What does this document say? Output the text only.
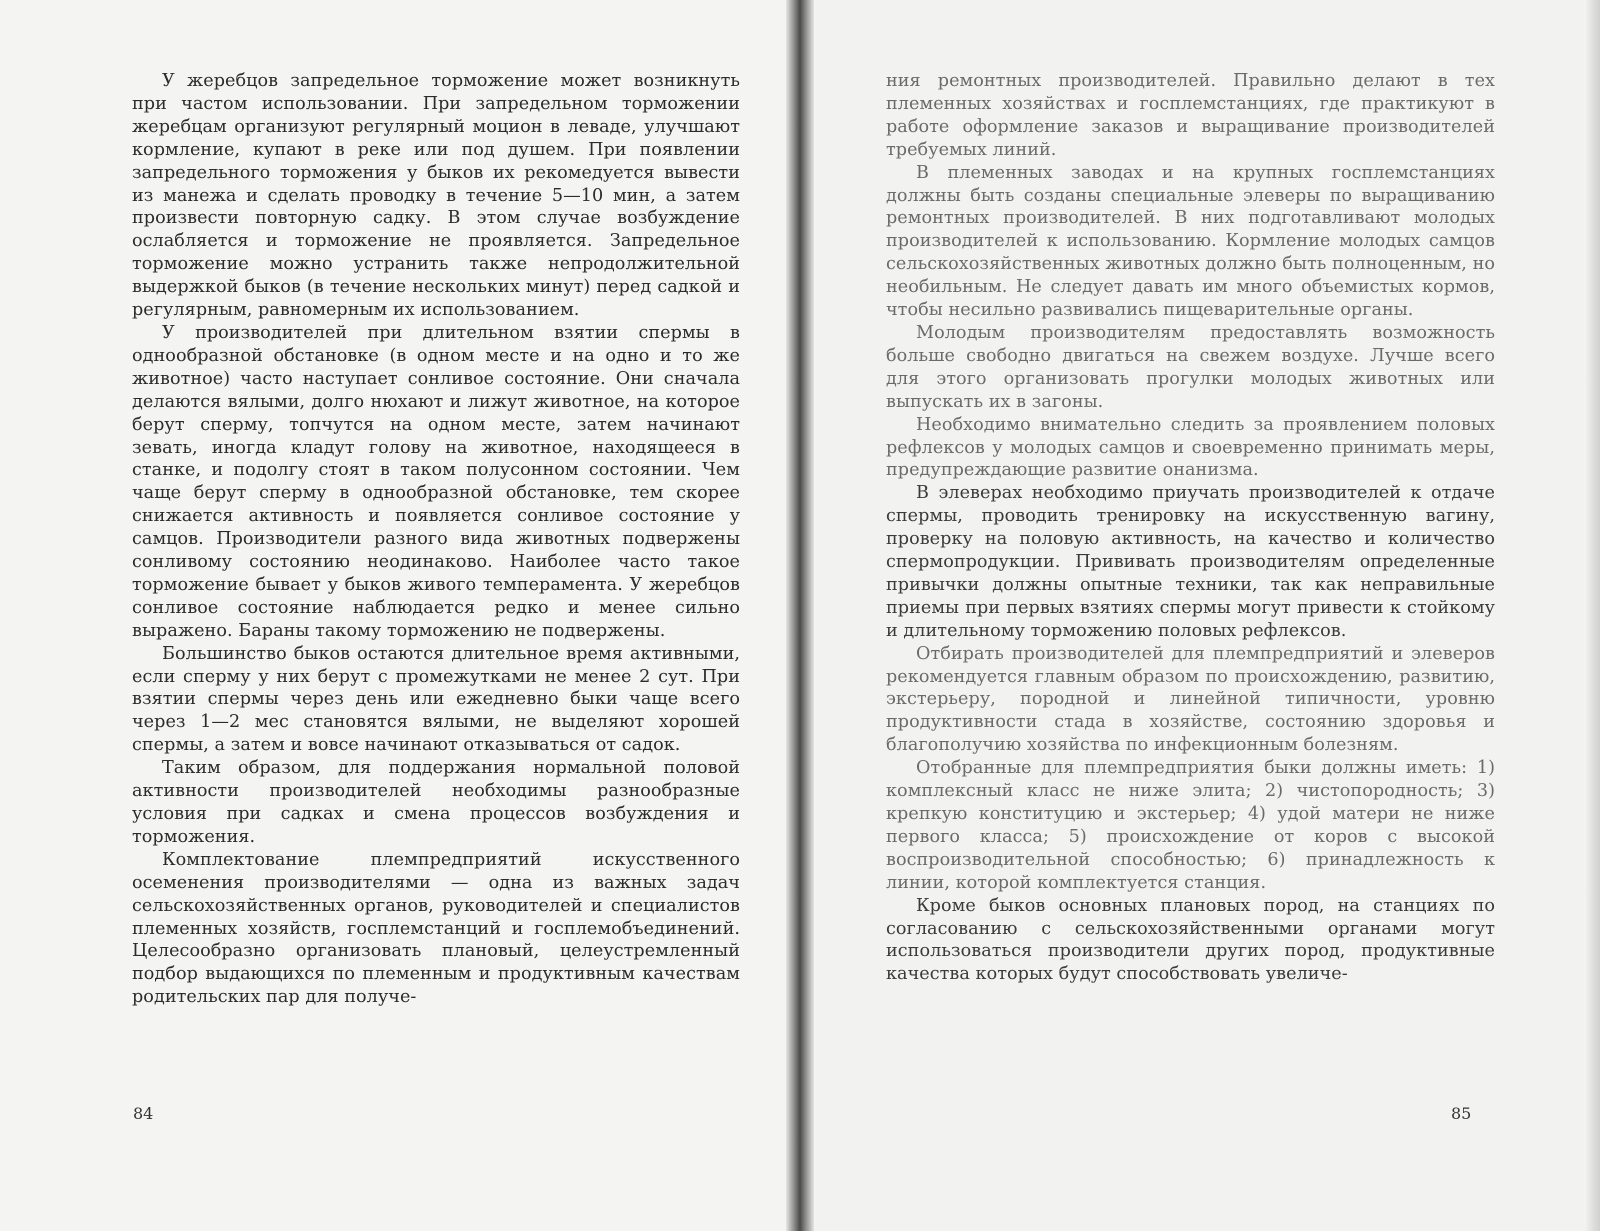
У жеребцов запредельное торможение может возникнуть при частом использовании. При запредельном торможении жеребцам организуют регулярный моцион в леваде, улучшают кормление, купают в реке или под душем. При появлении запредельного торможения у быков их рекомедуется вывести из манежа и сделать проводку в течение 5—10 мин, а затем произвести повторную садку. В этом случае возбуждение ослабляется и торможение не проявляется. Запредельное торможение можно устранить также непродолжительной выдержкой быков (в течение нескольких минут) перед садкой и регулярным, равномерным их использованием.

У производителей при длительном взятии спермы в однообразной обстановке (в одном месте и на одно и то же животное) часто наступает сонливое состояние. Они сначала делаются вялыми, долго нюхают и лижут животное, на которое берут сперму, топчутся на одном месте, затем начинают зевать, иногда кладут голову на животное, находящееся в станке, и подолгу стоят в таком полусонном состоянии. Чем чаще берут сперму в однообразной обстановке, тем скорее снижается активность и появляется сонливое состояние у самцов. Производители разного вида животных подвержены сонливому состоянию неодинаково. Наиболее часто такое торможение бывает у быков живого темперамента. У жеребцов сонливое состояние наблюдается редко и менее сильно выражено. Бараны такому торможению не подвержены.

Большинство быков остаются длительное время активными, если сперму у них берут с промежутками не менее 2 сут. При взятии спермы через день или ежедневно быки чаще всего через 1—2 мес становятся вялыми, не выделяют хорошей спермы, а затем и вовсе начинают отказываться от садок.

Таким образом, для поддержания нормальной половой активности производителей необходимы разнообразные условия при садках и смена процессов возбуждения и торможения.

Комплектование племпредприятий искусственного осеменения производителями — одна из важных задач сельскохозяйственных органов, руководителей и специалистов племенных хозяйств, госплемстанций и госплемобъединений. Целесообразно организовать плановый, целеустремленный подбор выдающихся по племенным и продуктивным качествам родительских пар для получе-

84

ния ремонтных производителей. Правильно делают в тех племенных хозяйствах и госплемстанциях, где практикуют в работе оформление заказов и выращивание производителей требуемых линий.

В племенных заводах и на крупных госплемстанциях должны быть созданы специальные элеверы по выращиванию ремонтных производителей. В них подготавливают молодых производителей к использованию. Кормление молодых самцов сельскохозяйственных животных должно быть полноценным, но необильным. Не следует давать им много объемистых кормов, чтобы несильно развивались пищеварительные органы.

Молодым производителям предоставлять возможность больше свободно двигаться на свежем воздухе. Лучше всего для этого организовать прогулки молодых животных или выпускать их в загоны.

Необходимо внимательно следить за проявлением половых рефлексов у молодых самцов и своевременно принимать меры, предупреждающие развитие онанизма.

В элеверах необходимо приучать производителей к отдаче спермы, проводить тренировку на искусственную вагину, проверку на половую активность, на качество и количество спермопродукции. Прививать производителям определенные привычки должны опытные техники, так как неправильные приемы при первых взятиях спермы могут привести к стойкому и длительному торможению половых рефлексов.

Отбирать производителей для племпредприятий и элеверов рекомендуется главным образом по происхождению, развитию, экстерьеру, породной и линейной типичности, уровню продуктивности стада в хозяйстве, состоянию здоровья и благополучию хозяйства по инфекционным болезням.

Отобранные для племпредприятия быки должны иметь: 1) комплексный класс не ниже элита; 2) чистопородность; 3) крепкую конституцию и экстерьер; 4) удой матери не ниже первого класса; 5) происхождение от коров с высокой воспроизводительной способностью; 6) принадлежность к линии, которой комплектуется станция.

Кроме быков основных плановых пород, на станциях по согласованию с сельскохозяйственными органами могут использоваться производители других пород, продуктивные качества которых будут способствовать увеличе-

85
